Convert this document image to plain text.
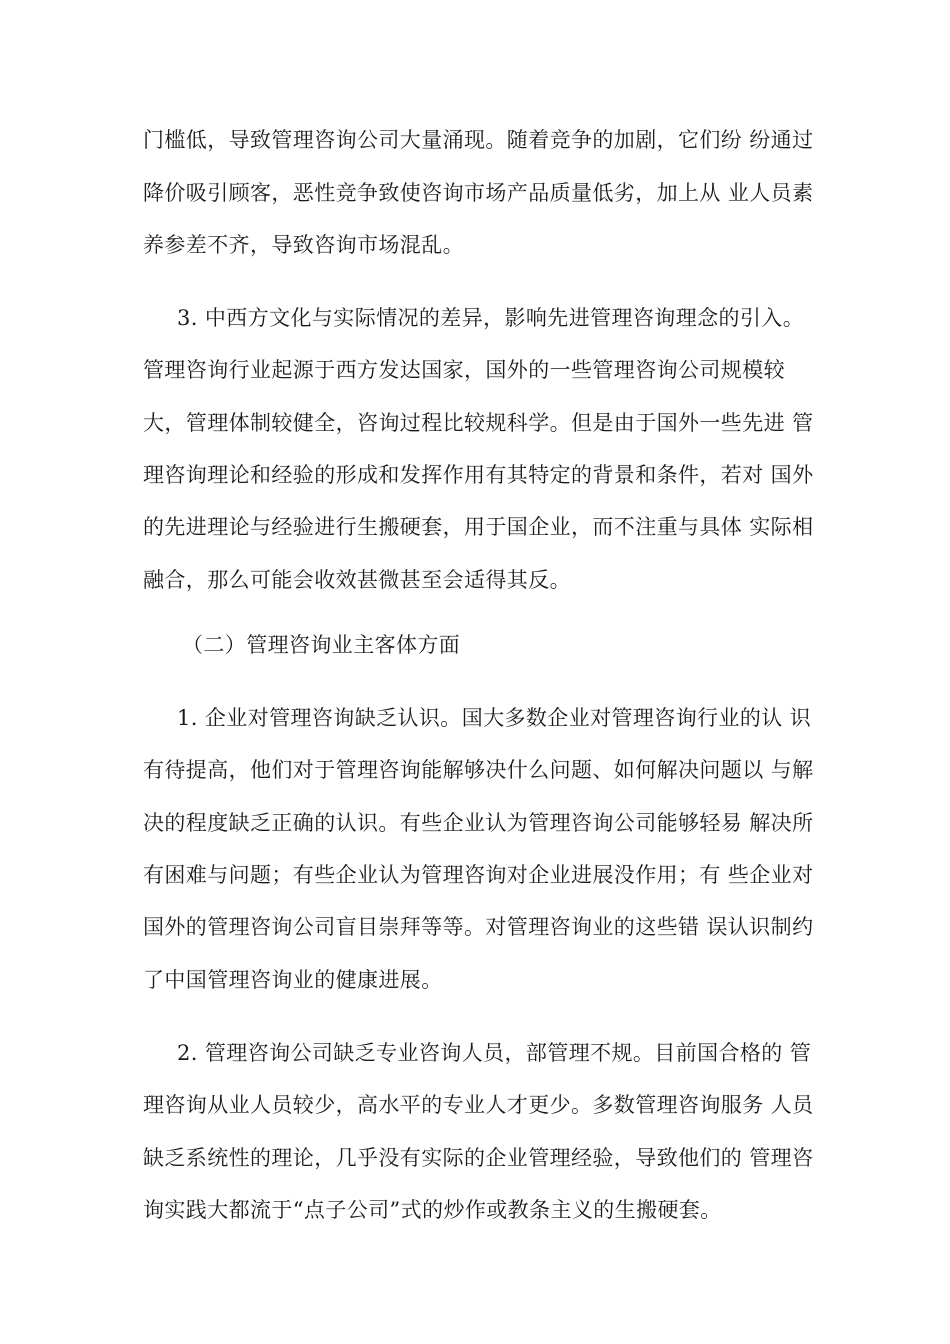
门槛低，导致管理咨询公司大量涌现。随着竞争的加剧，它们纷 纷通过
降价吸引顾客，恶性竞争致使咨询市场产品质量低劣，加上从 业人员素
养参差不齐，导致咨询市场混乱。
3. 中西方文化与实际情况的差异，影响先进管理咨询理念的引入。
管理咨询行业起源于西方发达国家，国外的一些管理咨询公司规模较
大，管理体制较健全，咨询过程比较规科学。但是由于国外一些先进 管
理咨询理论和经验的形成和发挥作用有其特定的背景和条件，若对 国外
的先进理论与经验进行生搬硬套，用于国企业，而不注重与具体 实际相
融合，那么可能会收效甚微甚至会适得其反。
（二）管理咨询业主客体方面
1. 企业对管理咨询缺乏认识。国大多数企业对管理咨询行业的认 识
有待提高，他们对于管理咨询能解够决什么问题、如何解决问题以 与解
决的程度缺乏正确的认识。有些企业认为管理咨询公司能够轻易 解决所
有困难与问题；有些企业认为管理咨询对企业进展没作用；有 些企业对
国外的管理咨询公司盲目崇拜等等。对管理咨询业的这些错 误认识制约
了中国管理咨询业的健康进展。
2. 管理咨询公司缺乏专业咨询人员，部管理不规。目前国合格的 管
理咨询从业人员较少，高水平的专业人才更少。多数管理咨询服务 人员
缺乏系统性的理论，几乎没有实际的企业管理经验，导致他们的 管理咨
询实践大都流于“点子公司”式的炒作或教条主义的生搬硬套。
